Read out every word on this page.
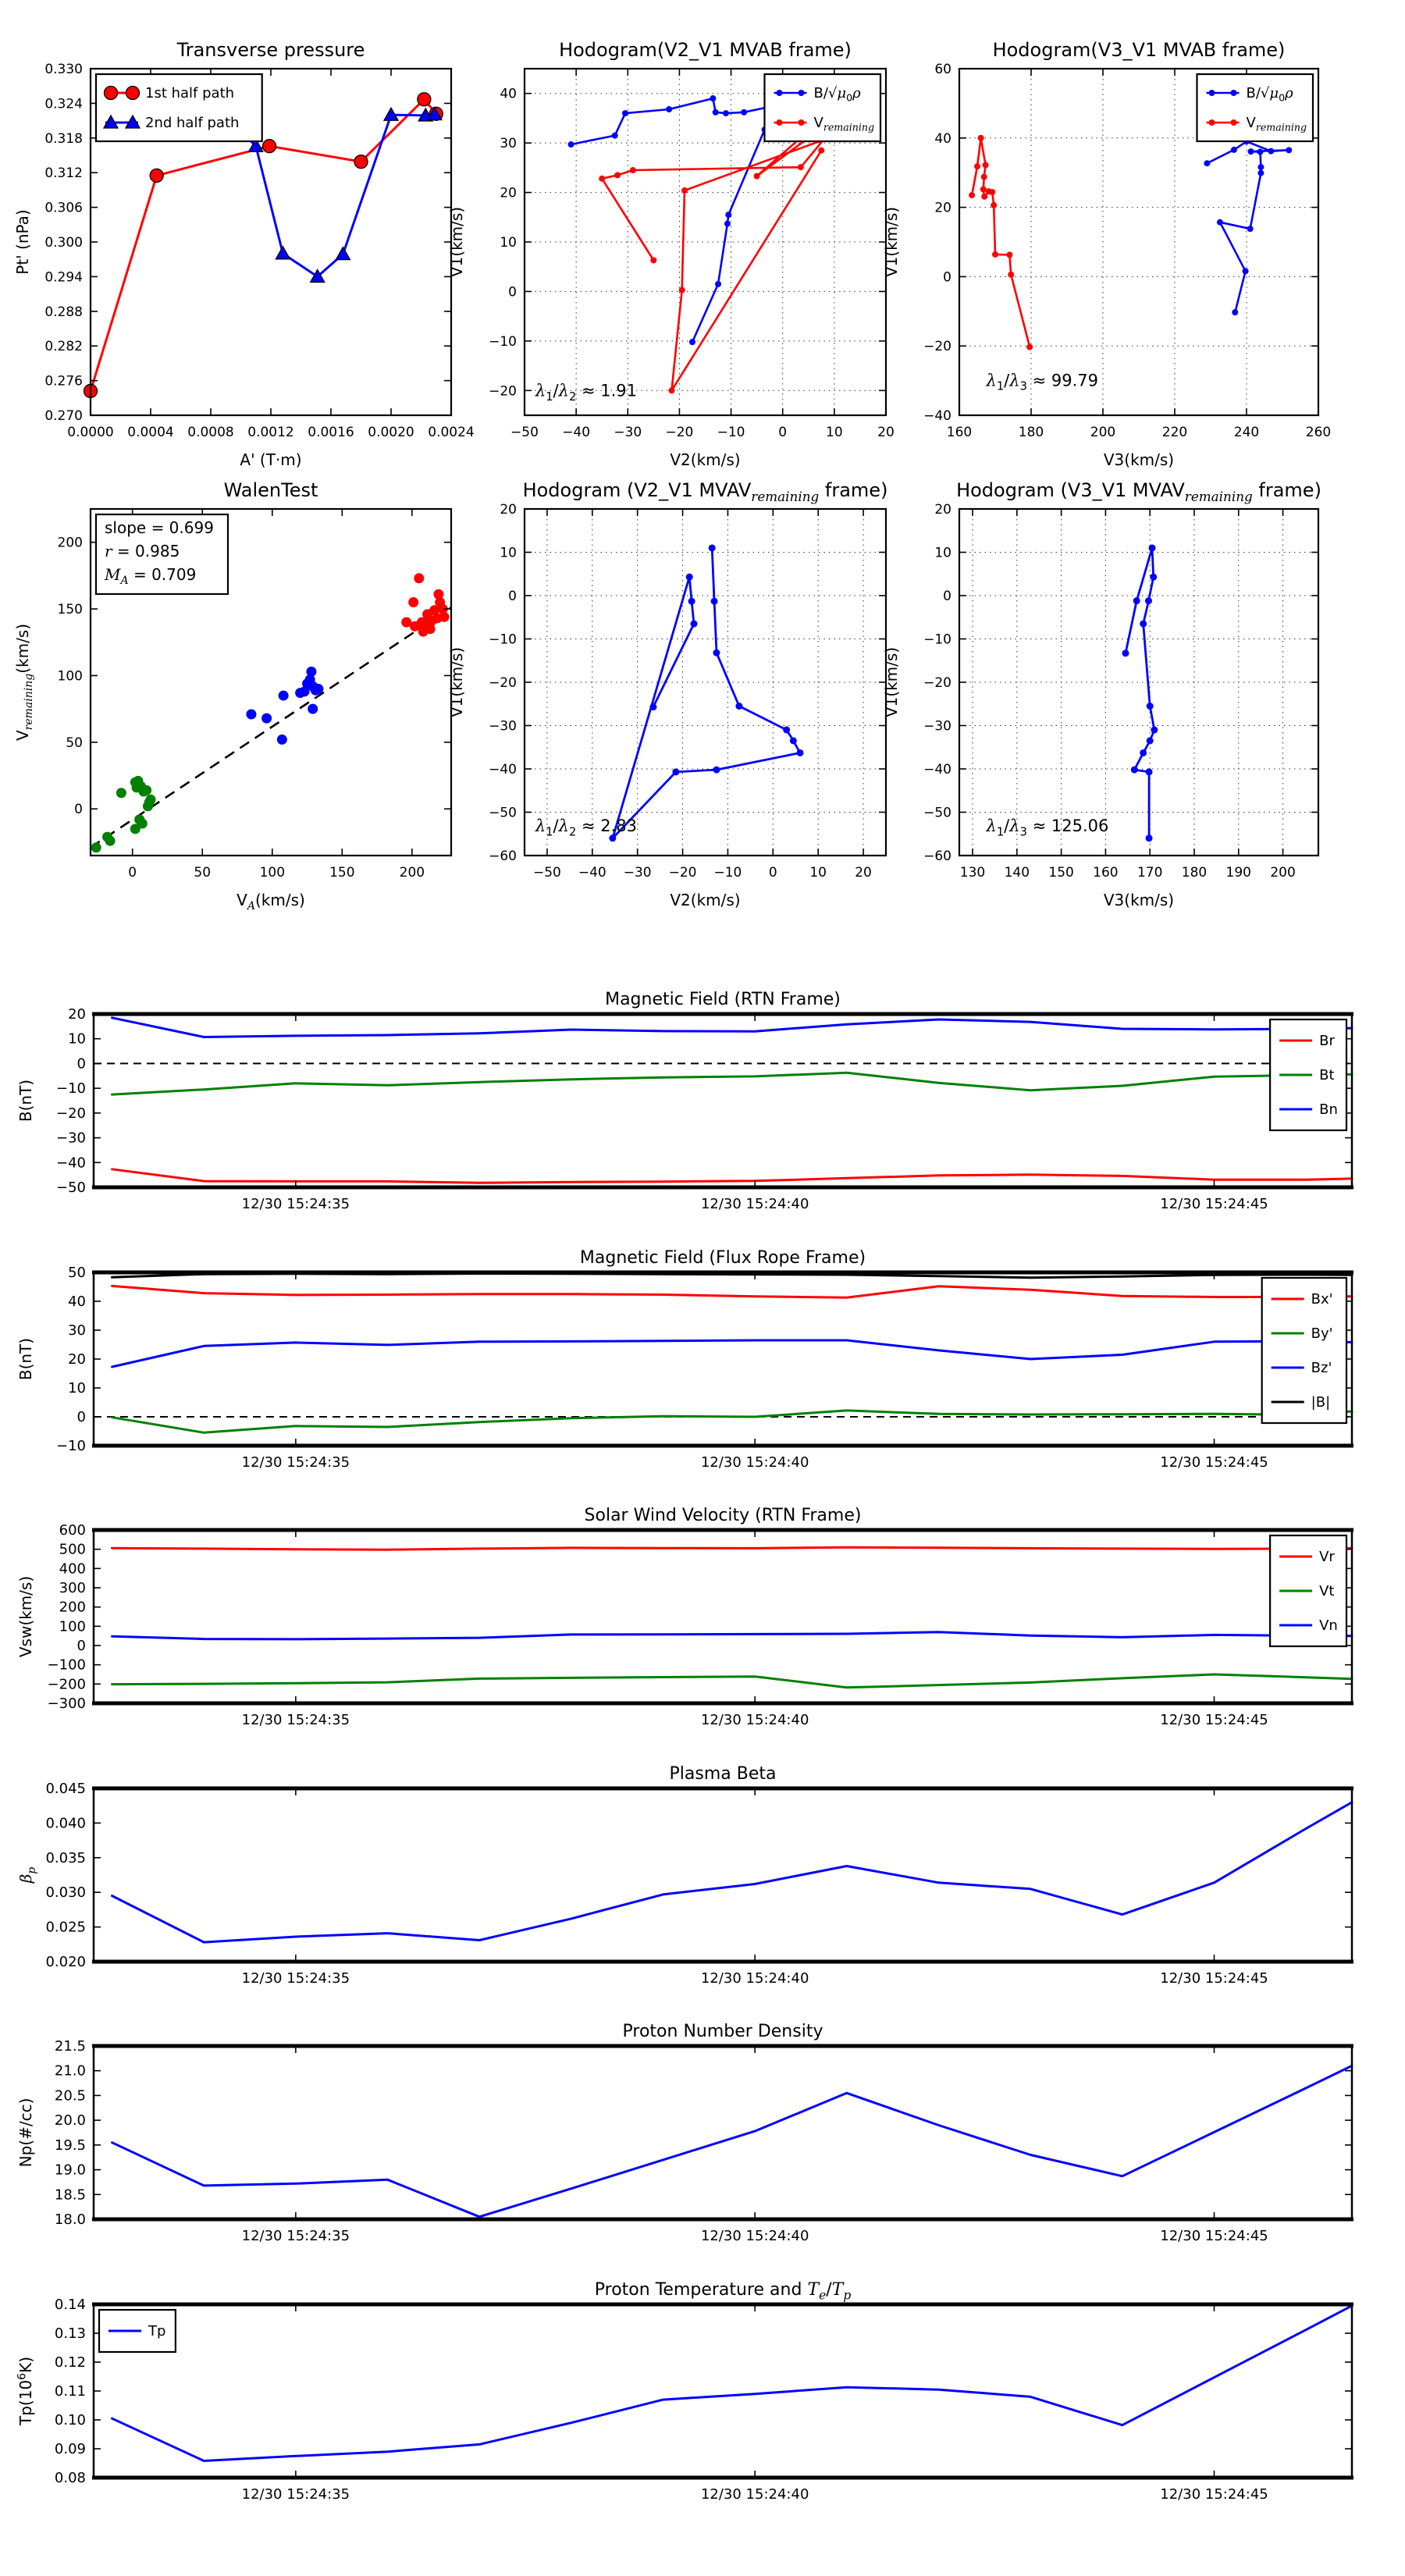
0.0000 0.0004 0.0008 0.0012 0.0016 0.0020 0.0024
0.270
0.276
0.282
0.288
0.294
0.300
0.306
0.312
0.318
0.324
0.330
Transverse pressure
A' (T·m)
Pt' (nPa)
1st half path
2nd half path
−50 −40 −30 −20 −10	0	10	20
−20
−10
0
10
20
30
40
Hodogram(V2_V1 MVAB frame)
V2(km/s)
V1(km/s)
$\lambda_1/\lambda_2 \approx 1.91$
$B/√\mu_0\rho$
$V_{remaining}$
160	180	200	220	240	260
−40
−20
0
20
40
60
Hodogram(V3_V1 MVAB frame)
V3(km/s)
V1(km/s)
$\lambda_1/\lambda_3 \approx 99.79$
$B/√\mu_0\rho$
$V_{remaining}$
0	50	100	150	200
0
50
100
150
200
WalenTest
$V_A(km/s)$
$V_{remaining}(km/s)$
slope = 0.699
r = 0.985
$M_A = 0.709$
−50 −40 −30 −20 −10 0 10 20
−60
−50
−40
−30
−20
−10
0
10
20
Hodogram (V2_V1 $MVAV_{remaining}$ frame)
V2(km/s)
V1(km/s)
$\lambda_1/\lambda_2 \approx 2.83$
130 140 150 160 170 180 190 200
−60
−50
−40
−30
−20
−10
0
10
20
Hodogram (V3_V1 $MVAV_{remaining}$ frame)
V3(km/s)
V1(km/s)
$\lambda_1/\lambda_3 \approx 125.06$
12/30 15:24:35	12/30 15:24:40	12/30 15:24:45
−50
−40
−30
−20
−10
0
10
20
Magnetic Field (RTN Frame)
B(nT)
Br
Bt
Bn
12/30 15:24:35	12/30 15:24:40	12/30 15:24:45
−10
0
10
20
30
40
50
Magnetic Field (Flux Rope Frame)
B(nT)
Bx'
By'
Bz'
|B|
12/30 15:24:35	12/30 15:24:40	12/30 15:24:45
−300
−200
−100
0
100
200
300
400
500
600
Solar Wind Velocity (RTN Frame)
Vsw(km/s)
Vr
Vt
Vn
12/30 15:24:35	12/30 15:24:40	12/30 15:24:45
0.020
0.025
0.030
0.035
0.040
0.045
Plasma Beta
$\beta_p$
12/30 15:24:35	12/30 15:24:40	12/30 15:24:45
18.0
18.5
19.0
19.5
20.0
20.5
21.0
21.5
Proton Number Density
Np(#/cc)
12/30 15:24:35	12/30 15:24:40	12/30 15:24:45
0.08
0.09
0.10
0.11
0.12
0.13
0.14
Proton Temperature and $T_e/T_p$
$Tp(10^6K)$
Tp
